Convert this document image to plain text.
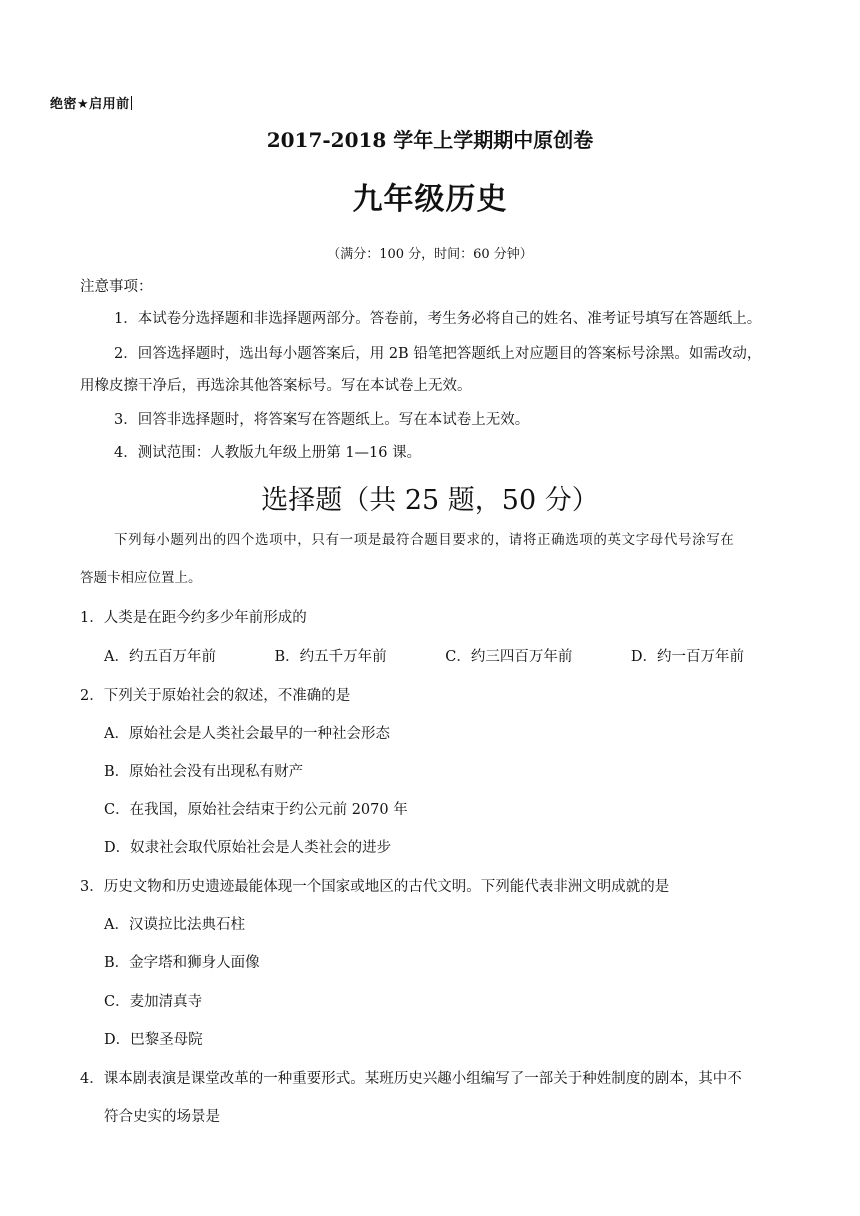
绝密★启用前
2017-2018 学年上学期期中原创卷
九年级历史
（满分：100 分，时间：60 分钟）
注意事项：
1．本试卷分选择题和非选择题两部分。答卷前，考生务必将自己的姓名、准考证号填写在答题纸上。
2．回答选择题时，选出每小题答案后，用 2B 铅笔把答题纸上对应题目的答案标号涂黑。如需改动，
用橡皮擦干净后，再选涂其他答案标号。写在本试卷上无效。
3．回答非选择题时，将答案写在答题纸上。写在本试卷上无效。
4．测试范围：人教版九年级上册第 1—16 课。
选择题（共 25 题，50 分）
下列每小题列出的四个选项中，只有一项是最符合题目要求的，请将正确选项的英文字母代号涂写在
答题卡相应位置上。
1．人类是在距今约多少年前形成的
A．约五百万年前	B．约五千万年前	C．约三四百万年前	D．约一百万年前
2．下列关于原始社会的叙述，不准确的是
A．原始社会是人类社会最早的一种社会形态
B．原始社会没有出现私有财产
C．在我国，原始社会结束于约公元前 2070 年
D．奴隶社会取代原始社会是人类社会的进步
3．历史文物和历史遗迹最能体现一个国家或地区的古代文明。下列能代表非洲文明成就的是
A．汉谟拉比法典石柱
B．金字塔和狮身人面像
C．麦加清真寺
D．巴黎圣母院
4．课本剧表演是课堂改革的一种重要形式。某班历史兴趣小组编写了一部关于种姓制度的剧本，其中不
符合史实的场景是
